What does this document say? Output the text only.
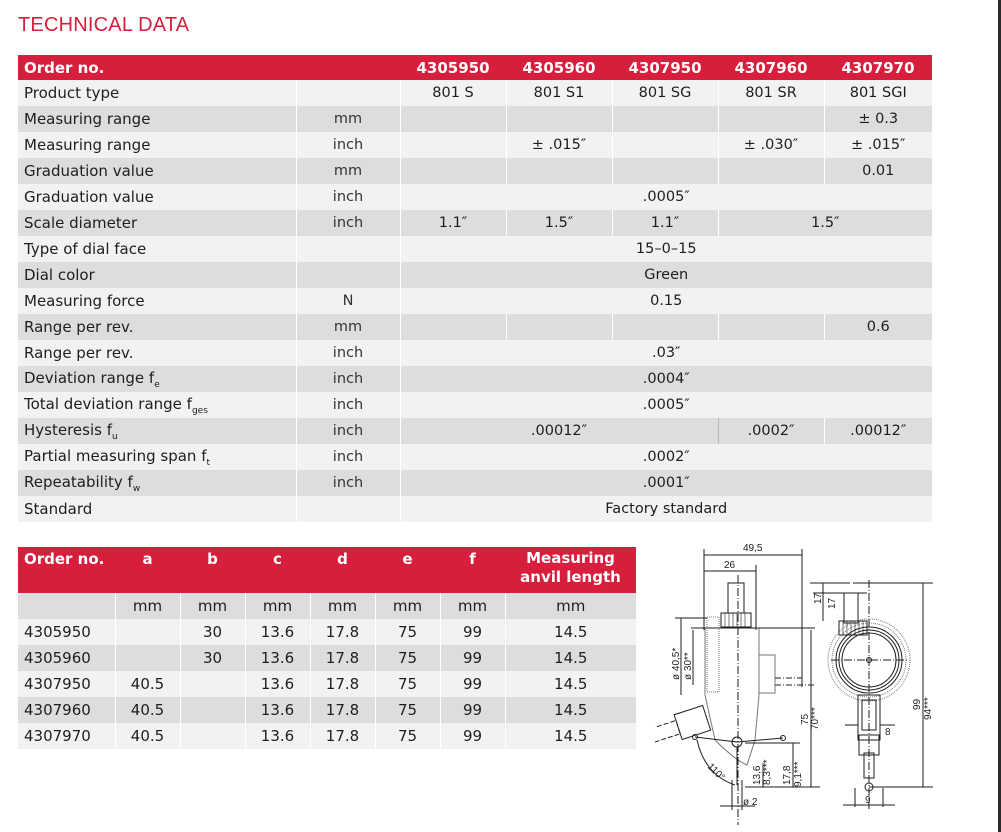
TECHNICAL DATA
Order no.		4305950	4305960	4307950	4307960	4307970
Product type		801 S	801 S1	801 SG	801 SR	801 SGI
Measuring range	mm					± 0.3
Measuring range	inch		± .015″		± .030″	± .015″
Graduation value	mm					0.01
Graduation value	inch	.0005″				
Scale diameter	inch	1.1″	1.5″	1.1″	1.5″	
Type of dial face		15–0–15				
Dial color		Green				
Measuring force	N	0.15				
Range per rev.	mm					0.6
Range per rev.	inch	.03″				
Deviation range $f_e$	inch	.0004″				
Total deviation range $f_{ges}$	inch	.0005″				
Hysteresis $f_u$	inch	.00012″			.0002″	.00012″
Partial measuring span $f_t$	inch	.0002″				
Repeatability $f_w$	inch	.0001″				
Standard		Factory standard				
Order no.	a	b	c	d	e	f	Measuring anvil length
	mm	mm	mm	mm	mm	mm	mm
4305950		30	13.6	17.8	75	99	14.5
4305960		30	13.6	17.8	75	99	14.5
4307950	40.5		13.6	17.8	75	99	14.5
4307960	40.5		13.6	17.8	75	99	14.5
4307970	40.5		13.6	17.8	75	99	14.5
49,5
26
17
ø 40,5* ø 30**
75 70***
13,6 8,3*** 17,8 9,1***
110°
ø 2
99 94***
17
8
9
